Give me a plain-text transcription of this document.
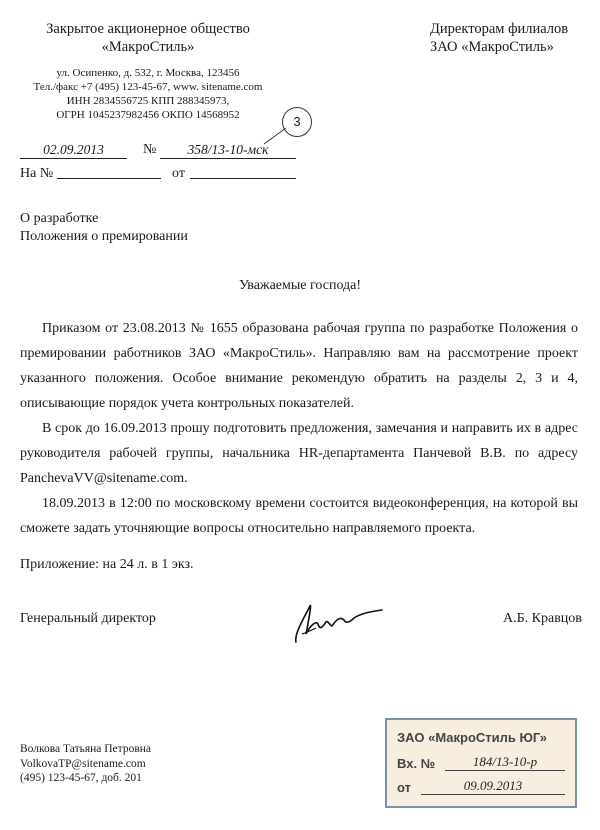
Закрытое акционерное общество
«МакроСтиль»
ул. Осипенко, д. 532, г. Москва, 123456
Тел./факс +7 (495) 123-45-67, www. sitename.com
ИНН 2834556725 КПП 288345973,
ОГРН 1045237982456 ОКПО 14568952
Директорам филиалов
ЗАО «МакроСтиль»
02.09.2013	№	358/13-10-мск
3
На №	от
О разработке
Положения о премировании
Уважаемые господа!

Приказом от 23.08.2013 № 1655 образована рабочая группа по разработке Положения о премировании работников ЗАО «МакроСтиль». Направляю вам на рассмотрение проект указанного положения. Особое внимание рекомендую обратить на разделы 2, 3 и 4, описывающие порядок учета контрольных показателей.

В срок до 16.09.2013 прошу подготовить предложения, замечания и направить их в адрес руководителя рабочей группы, начальника HR-департамента Панчевой В.В. по адресу PanchevaVV@sitename.com.

18.09.2013 в 12:00 по московскому времени состоится видеоконференция, на которой вы сможете задать уточняющие вопросы относительно направляемого проекта.

Приложение: на 24 л. в 1 экз.
Генеральный директор	А.Б. Кравцов
Волкова Татьяна Петровна
VolkovaTP@sitename.com
(495) 123-45-67, доб. 201
ЗАО «МакроСтиль ЮГ»
Вх. №	184/13-10-р
от	09.09.2013
